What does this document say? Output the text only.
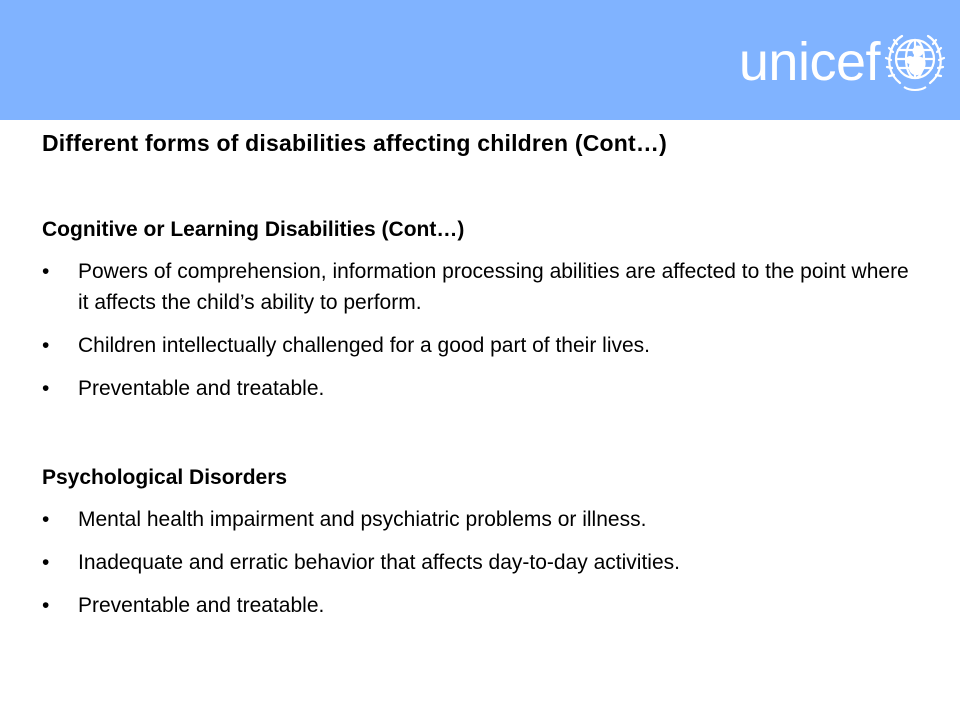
unicef
Different forms of disabilities affecting children (Cont…)
Cognitive or Learning Disabilities (Cont…)
• Powers of comprehension, information processing abilities are affected to the point where it affects the child’s ability to perform.
• Children intellectually challenged for a good part of their lives.
• Preventable and treatable.
Psychological Disorders
• Mental health impairment and psychiatric problems or illness.
• Inadequate and erratic behavior that affects day-to-day activities.
• Preventable and treatable.
